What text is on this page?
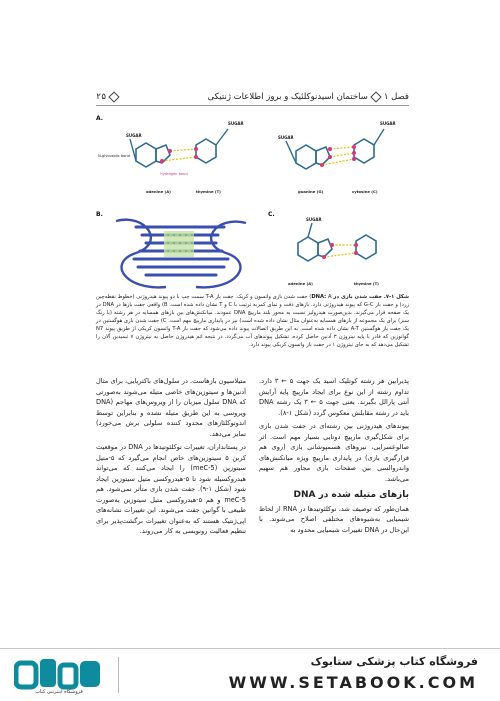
فصل ۱ساختمان اسیدنوکلئیک و بروز اطلاعات ژنتیکی
۲۵
A.
SUGAR
SUGAR
N-glycosidic bond
hydrogen bond
adenine (A)	thymine (T)
SUGAR
SUGAR
guanine (G)	cytosine (C)
B.	C.
SUGAR
adenine (A)	thymine (T)
شکل ۱-۷. جفت شدن بازی در DNA: A) جفت شدن بازی واتسون و کریک. جفت باز T-A سمت چپ با دو پیوند هیدروژنی (خطوط نقطه‌چین زرد) و جفت باز G-C که پیوند هیدروژنی دارد. بازهای دفت و نمای کمربه ترتیب با C و T نشان داده شده است. B) واقعی جفت بازها در DNA در یک صفحه قرار می‌گیرند، بدین‌صورت هیدرولیز نسبت به محور بلند مارپیچ DNA عمودند. میانکنش‌های بین بازهای همسایه در هر رشته (با رنگ سبز) برای یک مجموعه از بازهای همسایه به‌عنوان مثال نشان داده شده است) نیز در پایداری مارپیچ مهم است. C) جفت شدن بازی هوگستین در یک جفت باز هوگستین A-T نشان داده شده است. به این طریق اتصالات پیوند داده می‌شود که جفت باز T-A واتسون کریکی از طریق پیوند N7 گوانوزین که قادر با پایه نیتروژن ۳ آدنین حاصل کرده، تشکیل پیوندهای آب می‌گردد. در نتیجه اتم هیدروژن حاصل به نیتروژن ۷ تیمیدین آلان را تشکیل می‌دهد که به جای نیتروژن ۱ در جفت باز واتسون کریکی پیوند دارد.

پذیرابین هر رشته کوتلیک اسید یک جهت ۵ ← ۳ دارد. تداوم رشته از این نوع برای ایجاد مارپیچ پایه آرایش آنتی پارالل بگیرند. یعنی جهت ۵ ← ۳ یک رشته DNA باید در رشته مقابلش معکوس گردد (شکل ۱-۸).

پیوندهای هیدروژنی بین رشته‌ای در جفت شدن بازی برای شکل‌گیری مارپیچ دوتایی بسیار مهم است. اثر صالوعسرایی، نیروهای هسمپوشانی بازی (روی هم قرارگیری بازی) در پایداری مارپیچ ویژه میانکنش‌های واندروالسی بین صفحات بازی مجاور هم سهیم می‌باشد.

بازهای متیله شده در DNA

همان‌طور که توصیف شد، نوکلئوتیدها در RNA از لحاظ شیمیایی به‌شیوه‌های مختلفی اصلاح می‌شوند. با این‌حال در DNA تغییرات شیمیایی محدود به

متیلاسیون بازهاست. در سلول‌های باکتریایی، برای مثال آدنین‌ها و سیتوزین‌های خاصی متیله می‌شوند به‌صورتی که DNA سلول میزبان را از ویروس‌های مهاجم (DNA ویروسی به این طریق متیله نشده و بنابراین توسط اندونوکلئازهای محدود کننده سلولی برش می‌خورد) تمایز می‌دهد.

در پستانداران، تغییرات نوکلئوتیدها در DNA در موقعیت کربن ۵ سیتوزین‌های خاص انجام می‌گیرد که ۵-متیل سیتوزین (5-meC) را ایجاد می‌کنند که می‌تواند هیدروکسیله شود تا ۵-هیدروکسی متیل سیتوزین ایجاد شود (شکل ۱-۹). جفت شدن بازی متأثر نمی‌شود. هم 5-meC و هم ۵-هیدروکسی متیل سیتوزین به‌صورت طبیعی با گوانین جفت می‌شوند. این تغییرات نشانه‌های اپی‌ژنتیک هستند که به‌عنوان تغییرات برگشت‌پذیر برای تنظیم فعالیت رونویسی به کار می‌روند.

فروشگاه اینترنتی کتاب
فروشگاه کتاب پزشکی ستابوک
WWW.SETABOOK.COM
